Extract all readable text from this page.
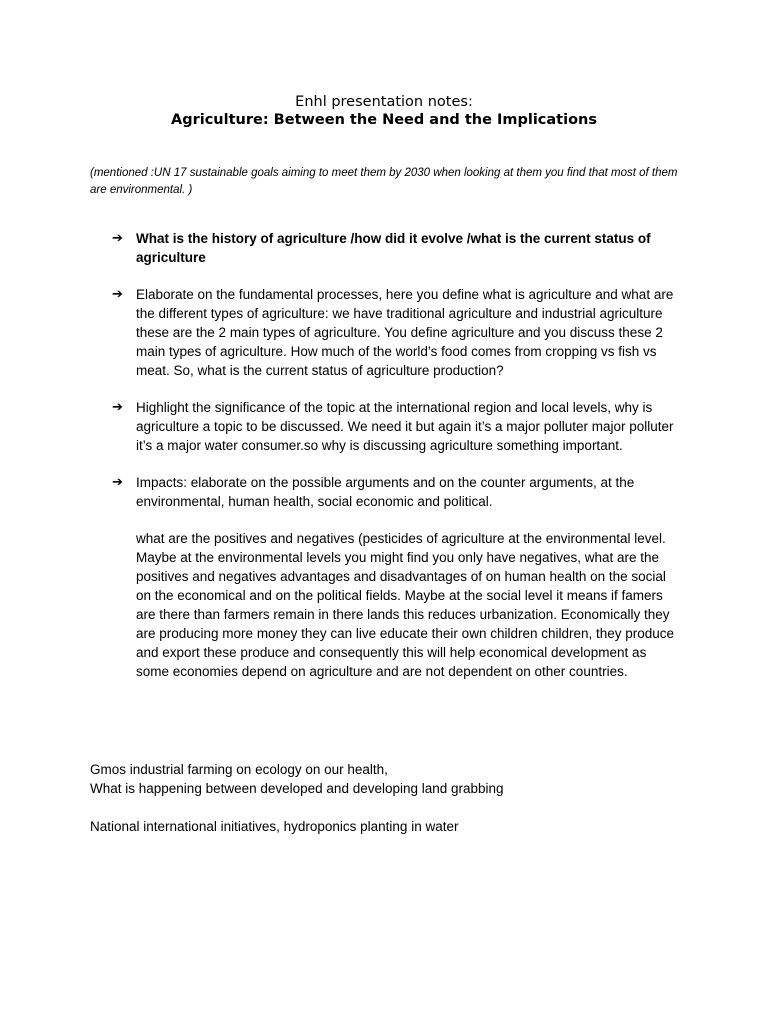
Enhl presentation notes:
Agriculture: Between the Need and the Implications
(mentioned :UN 17 sustainable goals aiming to meet them by 2030 when looking at them you find that most of them are environmental. )
➔ What is the history of agriculture /how did it evolve /what is the current status of agriculture
➔ Elaborate on the fundamental processes, here you define what is agriculture and what are the different types of agriculture: we have traditional agriculture and industrial agriculture these are the 2 main types of agriculture. You define agriculture and you discuss these 2 main types of agriculture. How much of the world’s food comes from cropping vs fish vs meat. So, what is the current status of agriculture production?
➔ Highlight the significance of the topic at the international region and local levels, why is agriculture a topic to be discussed. We need it but again it’s a major polluter major polluter it’s a major water consumer.so why is discussing agriculture something important.
➔ Impacts: elaborate on the possible arguments and on the counter arguments, at the environmental, human health, social economic and political.
what are the positives and negatives (pesticides of agriculture at the environmental level. Maybe at the environmental levels you might find you only have negatives, what are the positives and negatives advantages and disadvantages of on human health on the social on the economical and on the political fields. Maybe at the social level it means if famers are there than farmers remain in there lands this reduces urbanization. Economically they are producing more money they can live educate their own children children, they produce and export these produce and consequently this will help economical development as some economies depend on agriculture and are not dependent on other countries.
Gmos industrial farming on ecology on our health,
What is happening between developed and developing land grabbing
National international initiatives, hydroponics planting in water
